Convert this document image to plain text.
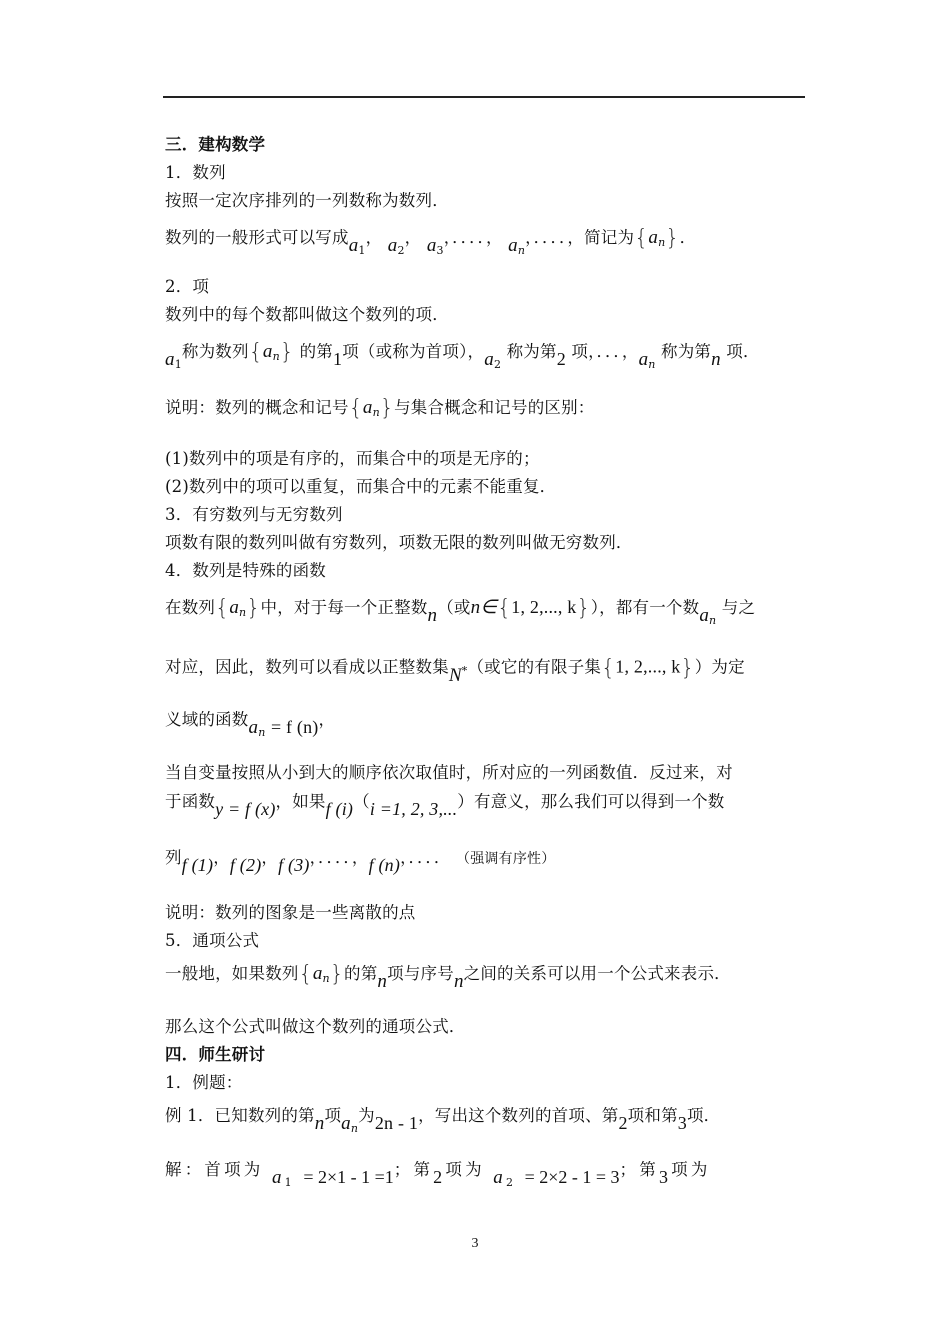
三．建构数学
1．数列
按照一定次序排列的一列数称为数列．
数列的一般形式可以写成a1， a2， a3，．．．．， $a_n$，．．．．，简记为$\{a_n\}$．
2．项
数列中的每个数都叫做这个数列的项．
a1称为数列$\{a_n\}$ 的第1项（或称为首项），a2 称为第2 项，．．．，$a_n$ 称为第n 项．
说明：数列的概念和记号$\{a_n\}$与集合概念和记号的区别：
(1)数列中的项是有序的，而集合中的项是无序的；
(2)数列中的项可以重复，而集合中的元素不能重复．
3．有穷数列与无穷数列
项数有限的数列叫做有穷数列，项数无限的数列叫做无穷数列．
4．数列是特殊的函数
在数列$\{a_n\}$中，对于每一个正整数n（或n∈{1, 2,..., k}），都有一个数$a_n$ 与之
对应，因此，数列可以看成以正整数集N*（或它的有限子集{1, 2,..., k}）为定
义域的函数$a_n = f$ (n)，
当自变量按照从小到大的顺序依次取值时，所对应的一列函数值．反过来，对
于函数y = f (x)，如果f (i)（i =1, 2, 3,...）有意义，那么我们可以得到一个数
列f (1)，f (2)，f (3)，．．．．，f (n)，．．．． （强调有序性）
说明：数列的图象是一些离散的点
5．通项公式
一般地，如果数列$\{a_n\}$的第n项与序号n之间的关系可以用一个公式来表示．
那么这个公式叫做这个数列的通项公式．
四．师生研讨
1．例题：
例 1．已知数列的第n项$a_n$为2n - 1，写出这个数列的首项、第2项和第3项．
解：首项为 a1 = 2×1 - 1 =1；第2项为 a2 = 2×2 - 1 = 3；第3项为
3
